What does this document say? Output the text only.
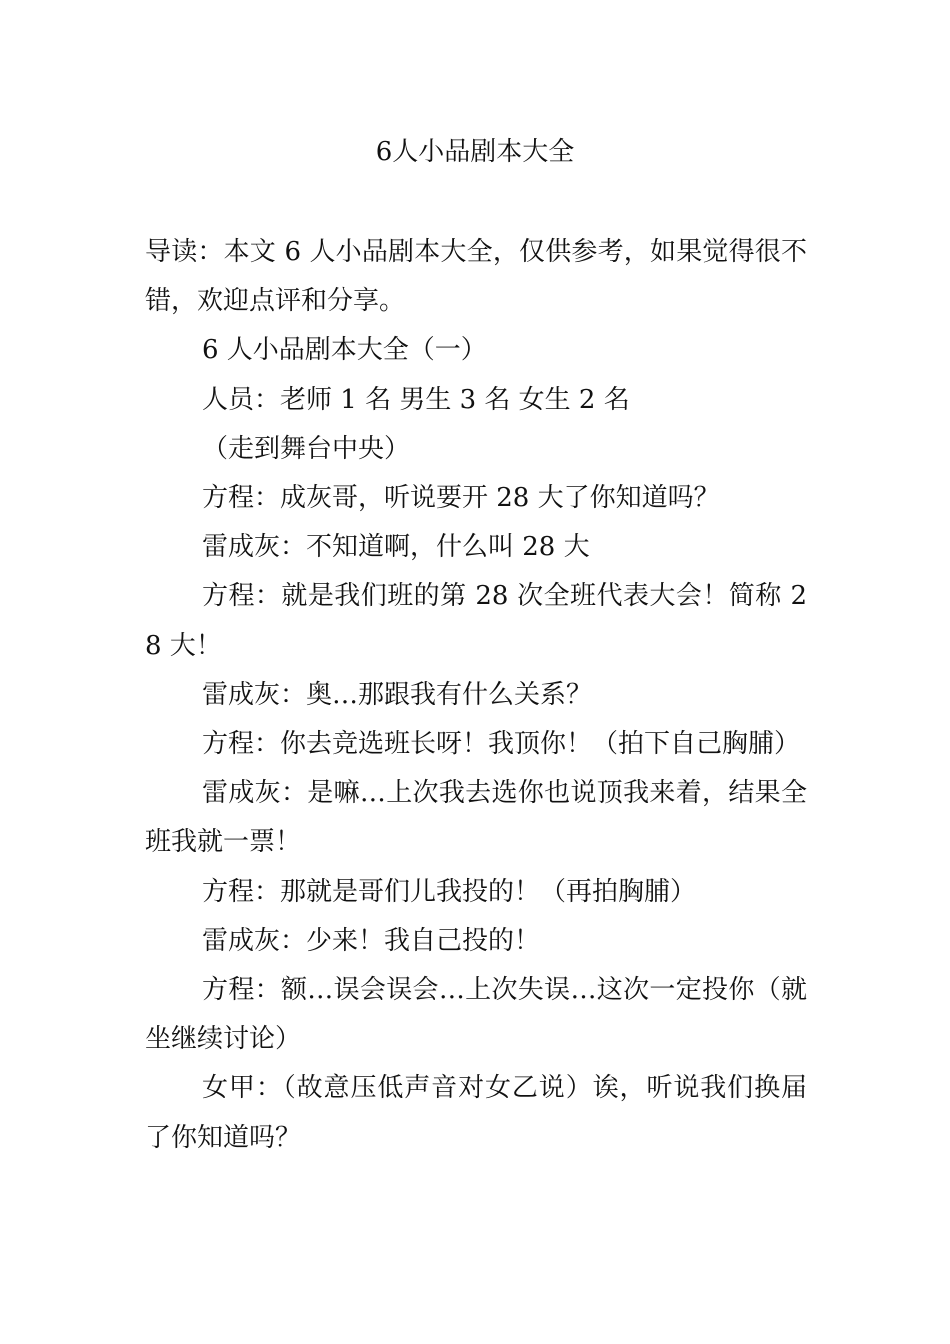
6人小品剧本大全

导读：本文 6 人小品剧本大全，仅供参考，如果觉得很不错，欢迎点评和分享。

6 人小品剧本大全（一）

人员：老师 1 名 男生 3 名 女生 2 名

（走到舞台中央）

方程：成灰哥，听说要开 28 大了你知道吗？

雷成灰：不知道啊，什么叫 28 大

方程：就是我们班的第 28 次全班代表大会！简称 28 大！

雷成灰：奥…那跟我有什么关系？

方程：你去竞选班长呀！我顶你！（拍下自己胸脯）

雷成灰：是嘛…上次我去选你也说顶我来着，结果全班我就一票！

方程：那就是哥们儿我投的！（再拍胸脯）

雷成灰：少来！我自己投的！

方程：额…误会误会…上次失误…这次一定投你（就坐继续讨论）

女甲：（故意压低声音对女乙说）诶，听说我们换届了你知道吗？
